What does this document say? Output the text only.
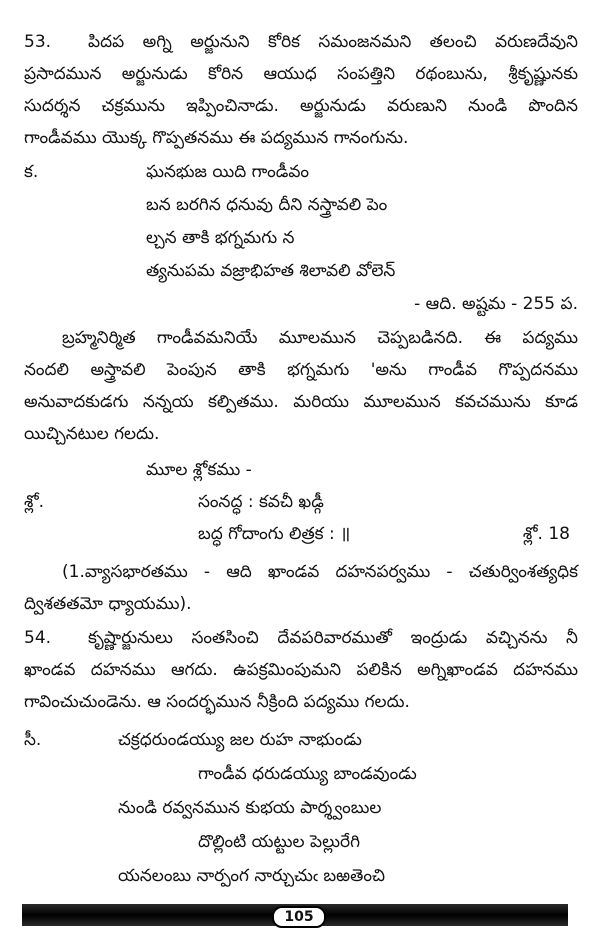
53. పిదప అగ్ని అర్జునుని కోరిక సమంజనమని తలంచి వరుణదేవుని
ప్రసాదమున అర్జునుడు కోరిన ఆయుధ సంపత్తిని రథంబును, శ్రీకృష్ణునకు
సుదర్శన చక్రమును ఇప్పించినాడు. అర్జునుడు వరుణుని నుండి పొందిన
గాండీవము యొక్క గొప్పతనము ఈ పద్యమున గానంగును.
క.	ఘనభుజ యిది గాండీవం
బన బరగిన ధనువు దీని నస్త్రావలి పెం
ల్చన తాకి భగ్నమగు న
త్యనుపమ వజ్రాభిహత శిలావలి వోలెన్
- ఆది. అష్టమ - 255 ప.
బ్రహ్మనిర్మిత గాండీవమనియే మూలమున చెప్పబడినది. ఈ పద్యము
నందలి అస్త్రావలి పెంపున తాకి భగ్నమగు 'అను గాండీవ గొప్పదనము
అనువాదకుడగు నన్నయ కల్పితము. మరియు మూలమున కవచమును కూడ
యిచ్చినటుల గలదు.
మూల శ్లోకము -
శ్లో.	సంనద్ధ : కవచీ ఖడ్గీ
బద్ధ గోదాంగు లిత్రక : ॥	శ్లో. 18
(1.వ్యాసభారతము - ఆది ఖాండవ దహనపర్వము - చతుర్వింశత్యధిక
ద్విశతతమో ధ్యాయము).
54. కృష్ణార్జునులు సంతసించి దేవపరివారముతో ఇంద్రుడు వచ్చినను నీ
ఖాండవ దహనము ఆగదు. ఉపక్రమింపుమని పలికిన అగ్నిఖాండవ దహనము
గావించుచుండెను. ఆ సందర్భమున నీక్రింది పద్యము గలదు.
సీ.	చక్రధరుండయ్యు జల రుహ నాభుండు
గాండీవ ధరుడయ్యు బాండవుండు
నుండి రవ్వనమున కుభయ పార్శ్వంబుల
దొల్లింటి యట్టుల పెల్లురేగి
యనలంబు నార్పంగ నార్చుచుఁ బఱతెంచి
105
